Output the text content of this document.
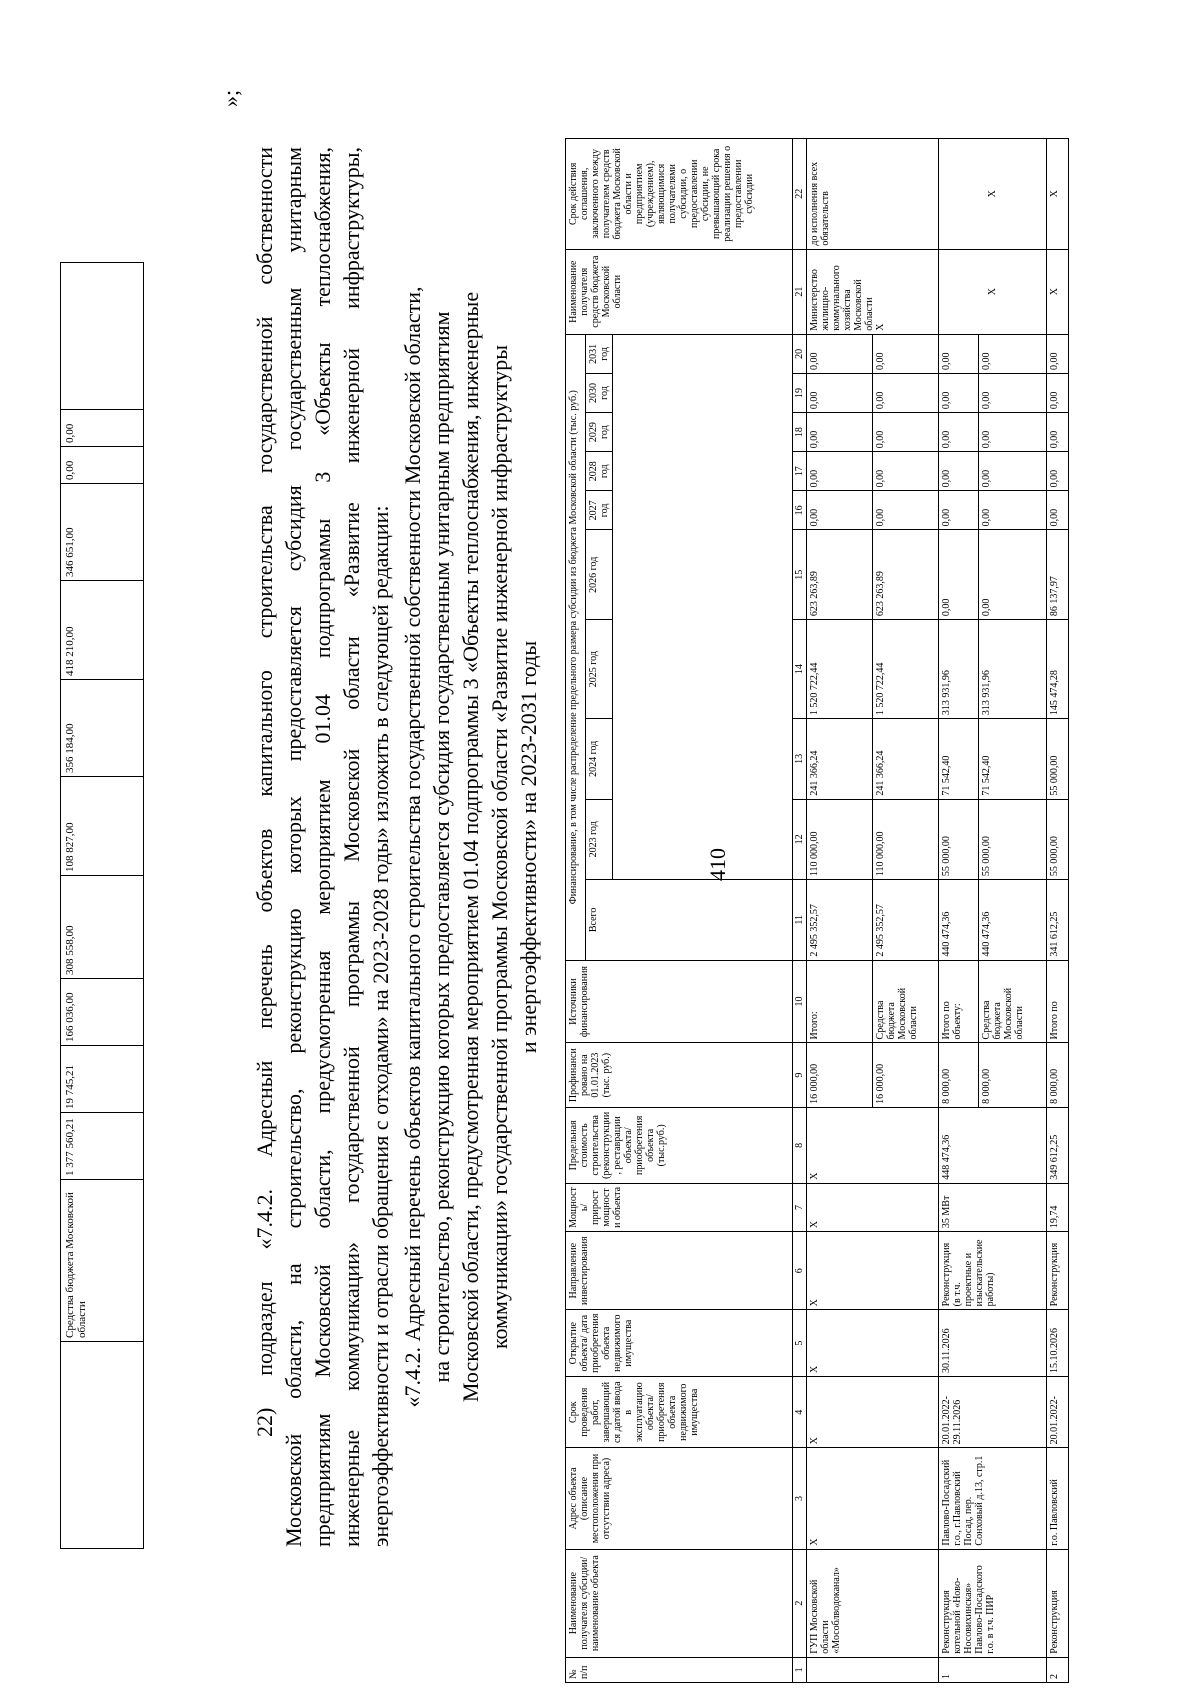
	Средства бюджета Московской области	1 377 560,21	19 745,21	166 036,00	308 558,00	108 827,00	356 184,00	418 210,00	346 651,00	0,00	0,00	
410
»;
22) подраздел «7.4.2. Адресный перечень объектов капитального строительства государственной собственности Московской области, на строительство, реконструкцию которых предоставляется субсидия государственным унитарным предприятиям Московской области, предусмотренная мероприятием 01.04 подпрограммы 3 «Объекты теплоснабжения, инженерные коммуникации» государственной программы Московской области «Развитие инженерной инфраструктуры, энергоэффективности и отрасли обращения с отходами» на 2023-2028 годы» изложить в следующей редакции: «7.4.2. Адресный перечень объектов капитального строительства государственной собственности Московской области, на строительство, реконструкцию которых предоставляется субсидия государственным унитарным предприятиям Московской области, предусмотренная мероприятием 01.04 подпрограммы 3 «Объекты теплоснабжения, инженерные коммуникации» государственной программы Московской области «Развитие инженерной инфраструктуры и энергоэффективности» на 2023-2031 годы
№ п/п	Наименование получателя субсидии/наименование объекта	Адрес объекта (описание местоположения при отсутствии адреса)	Срок проведения работ, завершающийся датой ввода в эксплуатацию объекта/ приобретения объекта недвижимого имущества	Открытие объекта/ дата приобретения объекта недвижимого имущества	Направление инвестирования	Мощность/прирост мощности объекта	Предельная стоимость строительства (реконструкции, реставрации объекта/ приобретения объекта (тыс.руб.)	Профинансировано на 01.01.2023 (тыс. руб.)	Источники финансирования	Финансирование, в том числе распределение предельного размера субсидии из бюджета Московской области (тыс. руб.)										Наименование получателя средств бюджета Московской области	Срок действия соглашения, заключенного между получателем средств бюджета Московской области и предприятием (учреждением), являющимися получателями субсидии, о предоставлении субсидии, не превышающий срока реализации решения о предоставлении субсидии
										Всего	2023 год	2024 год	2025 год	2026 год	2027 год	2028 год	2029 год	2030 год	2031 год		

1	2	3	4	5	6	7	8	9	10	11	12	13	14	15	16	17	18	19	20	21	22
	ГУП Московской области «Мособлводоканал»	Х	Х	Х	Х	Х	Х	16 000,00	Итого:	2 495 352,57	110 000,00	241 366,24	1 520 722,44	623 263,89	0,00	0,00	0,00	0,00	0,00	Министерство жилищно-коммунального хозяйства Московской области Х	до исполнения всех обязательств
								16 000,00	Средства бюджета Московской области	2 495 352,57	110 000,00	241 366,24	1 520 722,44	623 263,89	0,00	0,00	0,00	0,00	0,00		
1	Реконструкция котельной «Ново-Носовихинская» Павлово-Посадского г.о. в т.ч. ПИР	Павлово-Посадский г.о., г.Павловский Посад, пер. Сонховый д.13, стр.1	20.01.2022-29.11.2026	30.11.2026	Реконструкция (в т.ч. проектные и изыскательские работы)	35 МВт	448 474,36	8 000,00	Итого по объекту:	440 474,36	55 000,00	71 542,40	313 931,96	0,00	0,00	0,00	0,00	0,00	0,00	Х	Х
								8 000,00	Средства бюджета Московской области	440 474,36	55 000,00	71 542,40	313 931,96	0,00	0,00	0,00	0,00	0,00	0,00		
2	Реконструкция	г.о. Павловский	20.01.2022-	15.10.2026	Реконструкция	19,74	349 612,25	8 000,00	Итого по	341 612,25	55 000,00	55 000,00	145 474,28	86 137,97	0,00	0,00	0,00	0,00	0,00	Х	Х
